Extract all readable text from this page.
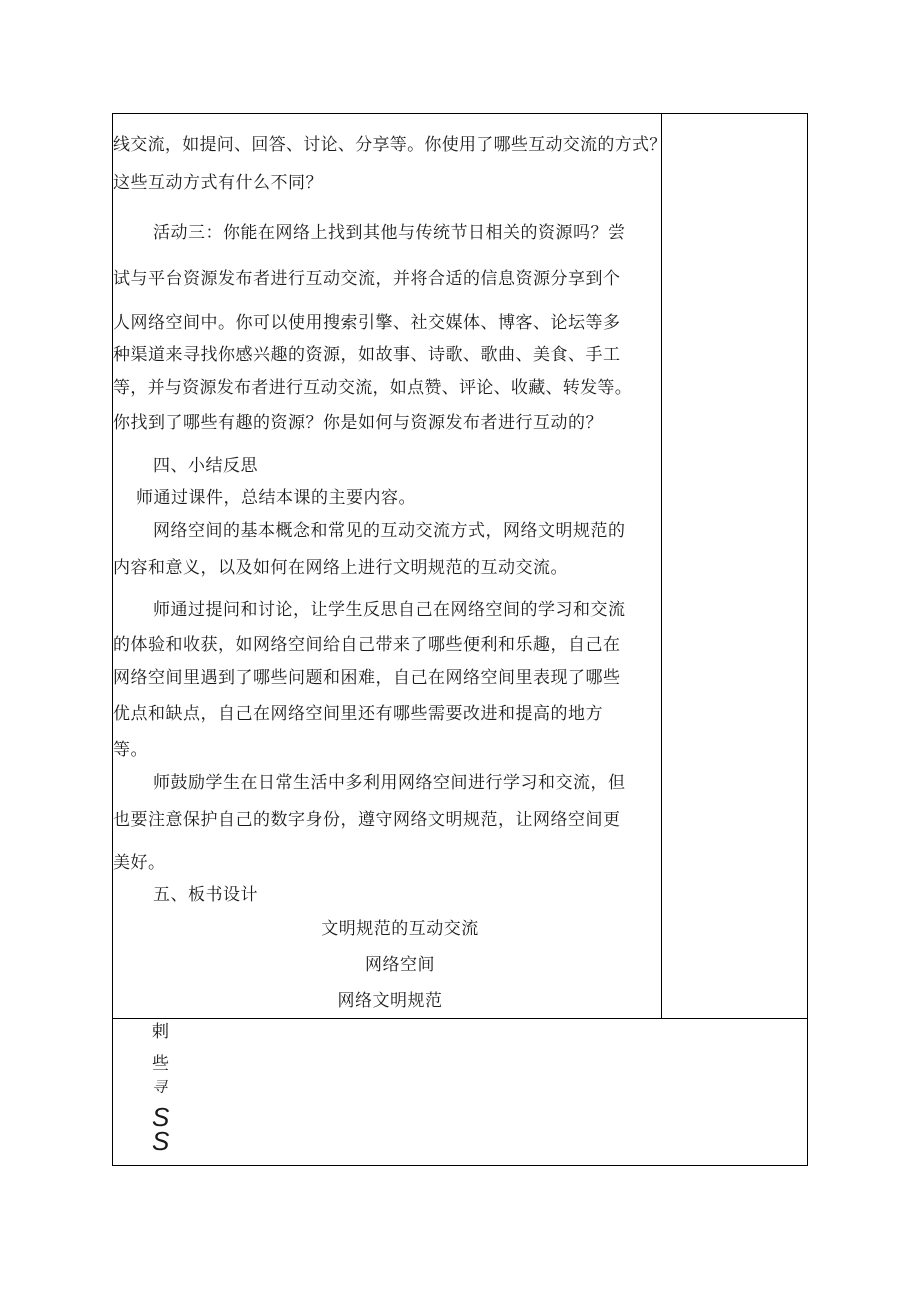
线交流，如提问、回答、讨论、分享等。你使用了哪些互动交流的方式？
这些互动方式有什么不同？
活动三：你能在网络上找到其他与传统节日相关的资源吗？尝
试与平台资源发布者进行互动交流，并将合适的信息资源分享到个
人网络空间中。你可以使用搜索引擎、社交媒体、博客、论坛等多
种渠道来寻找你感兴趣的资源，如故事、诗歌、歌曲、美食、手工
等，并与资源发布者进行互动交流，如点赞、评论、收藏、转发等。
你找到了哪些有趣的资源？你是如何与资源发布者进行互动的？
四、小结反思
师通过课件，总结本课的主要内容。
网络空间的基本概念和常见的互动交流方式，网络文明规范的
内容和意义，以及如何在网络上进行文明规范的互动交流。
师通过提问和讨论，让学生反思自己在网络空间的学习和交流
的体验和收获，如网络空间给自己带来了哪些便利和乐趣，自己在
网络空间里遇到了哪些问题和困难，自己在网络空间里表现了哪些
优点和缺点，自己在网络空间里还有哪些需要改进和提高的地方
等。
师鼓励学生在日常生活中多利用网络空间进行学习和交流，但
也要注意保护自己的数字身份，遵守网络文明规范，让网络空间更
美好。
五、板书设计
文明规范的互动交流
网络空间
网络文明规范
剌
些
寻
S
S
